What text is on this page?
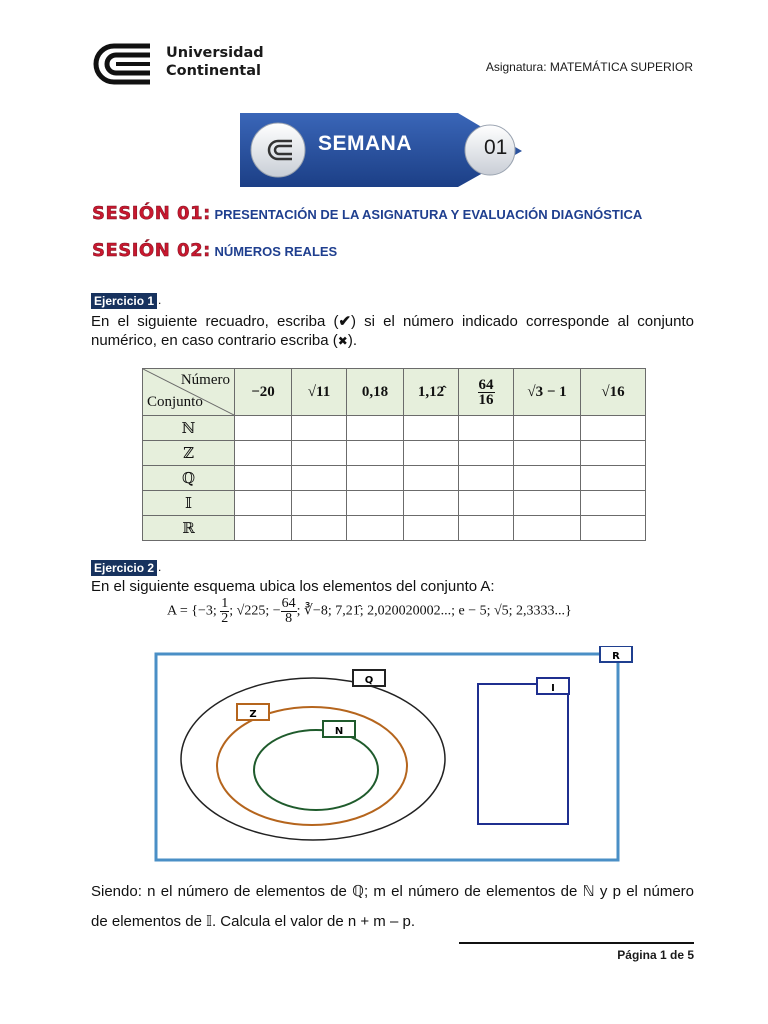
Universidad
Continental	Asignatura: MATEMÁTICA SUPERIOR
SEMANA	01
SESIÓN 01: PRESENTACIÓN DE LA ASIGNATURA Y EVALUACIÓN DIAGNÓSTICA
SESIÓN 02: NÚMEROS REALES
Ejercicio 1 .
En el siguiente recuadro, escriba (✔) si el número indicado corresponde al conjunto numérico, en caso contrario escriba (✖).
Número
Conjunto	−20	√11	0,18	1,12̂	$\frac{64}{16}$	√3 − 1	√16
ℕ							
ℤ							
ℚ							
𝕀							
ℝ							
Ejercicio 2 .
En el siguiente esquema ubica los elementos del conjunto A:
A = {−3; $\frac{1}{2}$; √225; − $\frac{64}{8}$; ∛−8; 7,21̂; 2,020020002...; e − 5; √5; 2,3333...}
R
I
Q
Z
N
Siendo: n el número de elementos de ℚ; m el número de elementos de ℕ y p el número de elementos de 𝕀. Calcula el valor de n + m – p.
Página 1 de 5
